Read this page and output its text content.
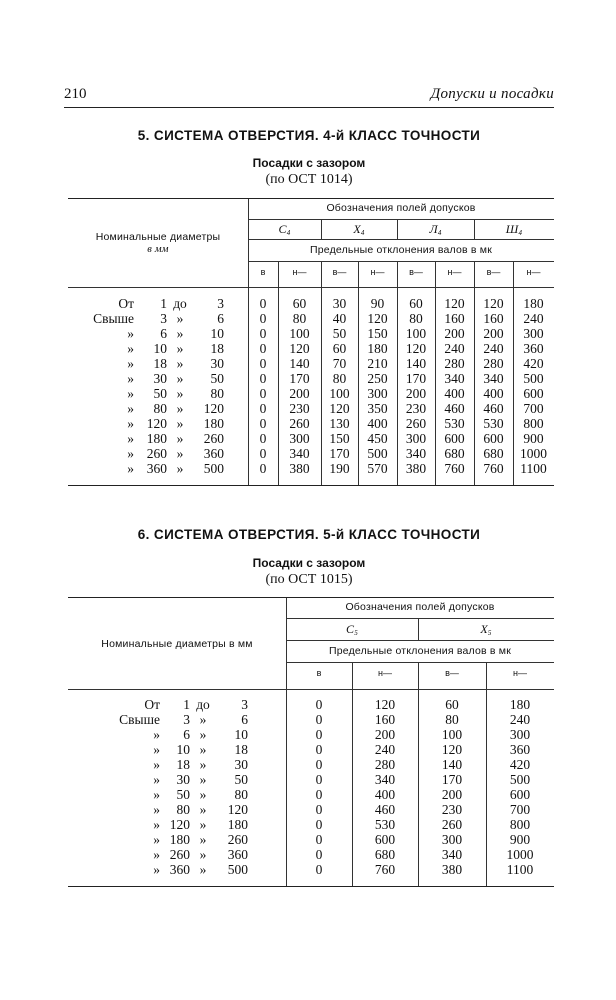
210	Допуски и посадки
5. СИСТЕМА ОТВЕРСТИЯ. 4-й КЛАСС ТОЧНОСТИ
Посадки с зазором
(по ОСТ 1014)
Номинальные диаметры
в мм
Обозначения полей допусков
$С_4$	$Х_4$	$Л_4$	$Ш_4$
Предельные отклонения валов в мк
в	н—	в—	н—	в—	н—	в—	н—
От	1 до	3	0	60	30	90	60	120	120	180
Свыше	3 »	6	0	80	40	120	80	160	160	240
»	6 »	10	0	100	50	150	100	200	200	300
»	10 »	18	0	120	60	180	120	240	240	360
»	18 »	30	0	140	70	210	140	280	280	420
»	30 »	50	0	170	80	250	170	340	340	500
»	50 »	80	0	200	100	300	200	400	400	600
»	80 »	120	0	230	120	350	230	460	460	700
» 120 »	180	0	260	130	400	260	530	530	800
» 180 »	260	0	300	150	450	300	600	600	900
» 260 »	360	0	340	170	500	340	680	680	1000
» 360 »	500	0	380	190	570	380	760	760	1100
6. СИСТЕМА ОТВЕРСТИЯ. 5-й КЛАСС ТОЧНОСТИ
Посадки с зазором
(по ОСТ 1015)
Номинальные диаметры в мм
Обозначения полей допусков
$С_5$	$Х_5$
Предельные отклонения валов в мк
в	н—	в—	н—
От	1 до	3	0	120	60	180
Свыше	3 »	6	0	160	80	240
»	6 »	10	0	200	100	300
»	10 »	18	0	240	120	360
»	18 »	30	0	280	140	420
»	30 »	50	0	340	170	500
»	50 »	80	0	400	200	600
»	80 »	120	0	460	230	700
» 120 »	180	0	530	260	800
» 180 »	260	0	600	300	900
» 260 »	360	0	680	340	1000
» 360 »	500	0	760	380	1100
